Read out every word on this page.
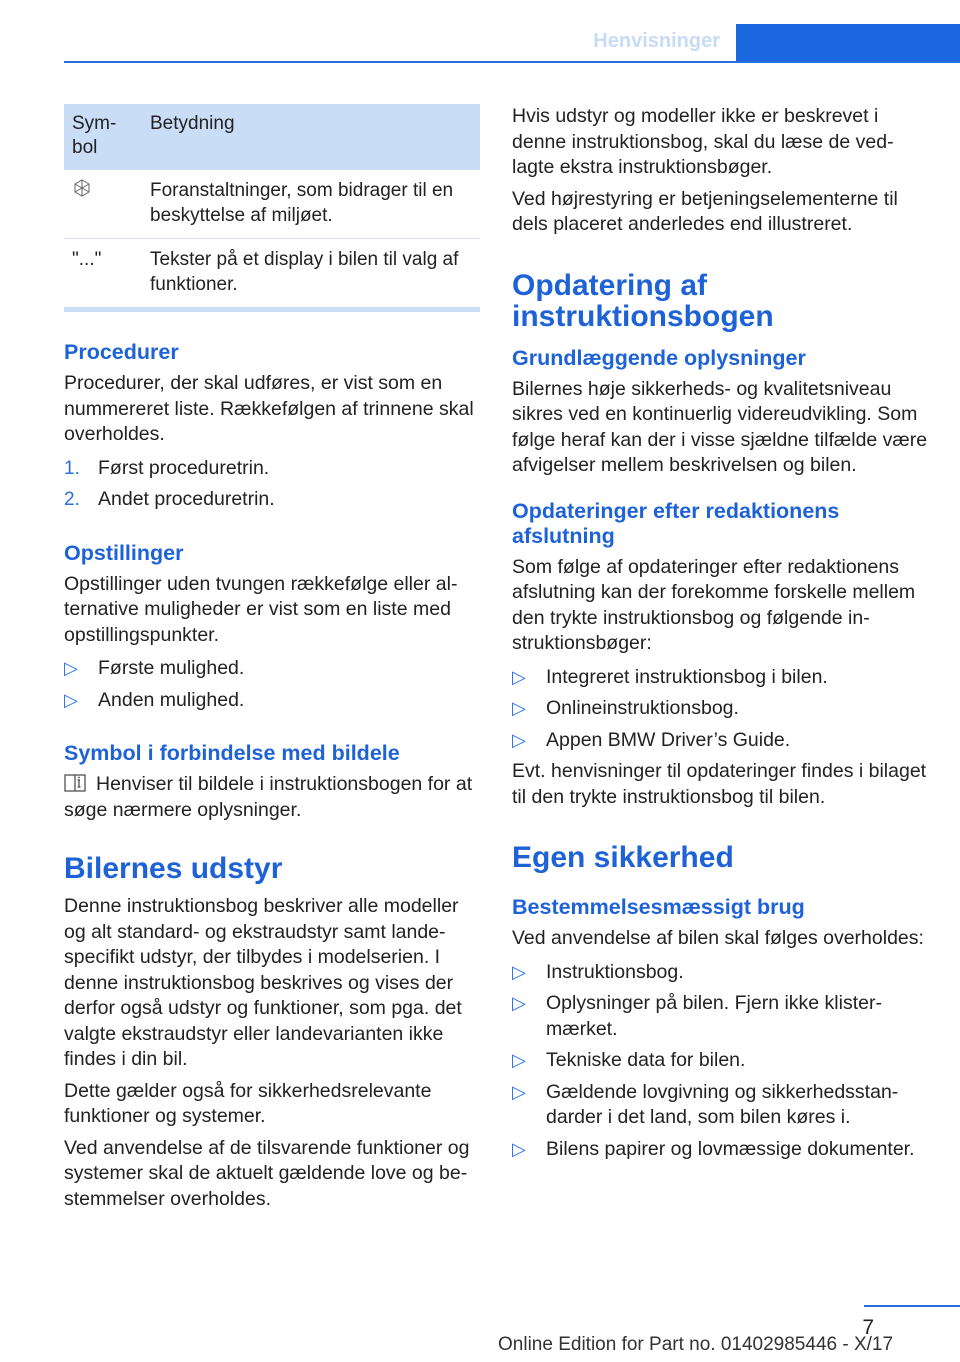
Henvisninger
Sym-
bol	Betydning
	Foranstaltninger, som bidrager til en beskyttelse af miljøet.
"..."	Tekster på et display i bilen til valg af funktioner.
Procedurer
Procedurer, der skal udføres, er vist som en nummereret liste. Rækkefølgen af trinnene skal overholdes.
1. Først proceduretrin.
2. Andet proceduretrin.
Opstillinger
Opstillinger uden tvungen rækkefølge eller alternative muligheder er vist som en liste med opstillingspunkter.
▷ Første mulighed.
▷ Anden mulighed.
Symbol i forbindelse med bildele
Henviser til bildele i instruktionsbogen for at søge nærmere oplysninger.
Bilernes udstyr
Denne instruktionsbog beskriver alle modeller og alt standard- og ekstraudstyr samt landespecifikt udstyr, der tilbydes i modelserien. I denne instruktionsbog beskrives og vises der derfor også udstyr og funktioner, som pga. det valgte ekstraudstyr eller landevarianten ikke findes i din bil.
Dette gælder også for sikkerhedsrelevante funktioner og systemer.
Ved anvendelse af de tilsvarende funktioner og systemer skal de aktuelt gældende love og bestemmelser overholdes.
Hvis udstyr og modeller ikke er beskrevet i denne instruktionsbog, skal du læse de vedlagte ekstra instruktionsbøger.
Ved højrestyring er betjeningselementerne til dels placeret anderledes end illustreret.
Opdatering af instruktionsbogen
Grundlæggende oplysninger
Bilernes høje sikkerheds- og kvalitetsniveau sikres ved en kontinuerlig videreudvikling. Som følge heraf kan der i visse sjældne tilfælde være afvigelser mellem beskrivelsen og bilen.
Opdateringer efter redaktionens afslutning
Som følge af opdateringer efter redaktionens afslutning kan der forekomme forskelle mellem den trykte instruktionsbog og følgende instruktionsbøger:
▷ Integreret instruktionsbog i bilen.
▷ Onlineinstruktionsbog.
▷ Appen BMW Driver’s Guide.
Evt. henvisninger til opdateringer findes i bilaget til den trykte instruktionsbog til bilen.
Egen sikkerhed
Bestemmelsesmæssigt brug
Ved anvendelse af bilen skal følges overholdes:
▷ Instruktionsbog.
▷ Oplysninger på bilen. Fjern ikke klistermærket.
▷ Tekniske data for bilen.
▷ Gældende lovgivning og sikkerhedsstandarder i det land, som bilen køres i.
▷ Bilens papirer og lovmæssige dokumenter.
7
Online Edition for Part no. 01402985446 - X/17
